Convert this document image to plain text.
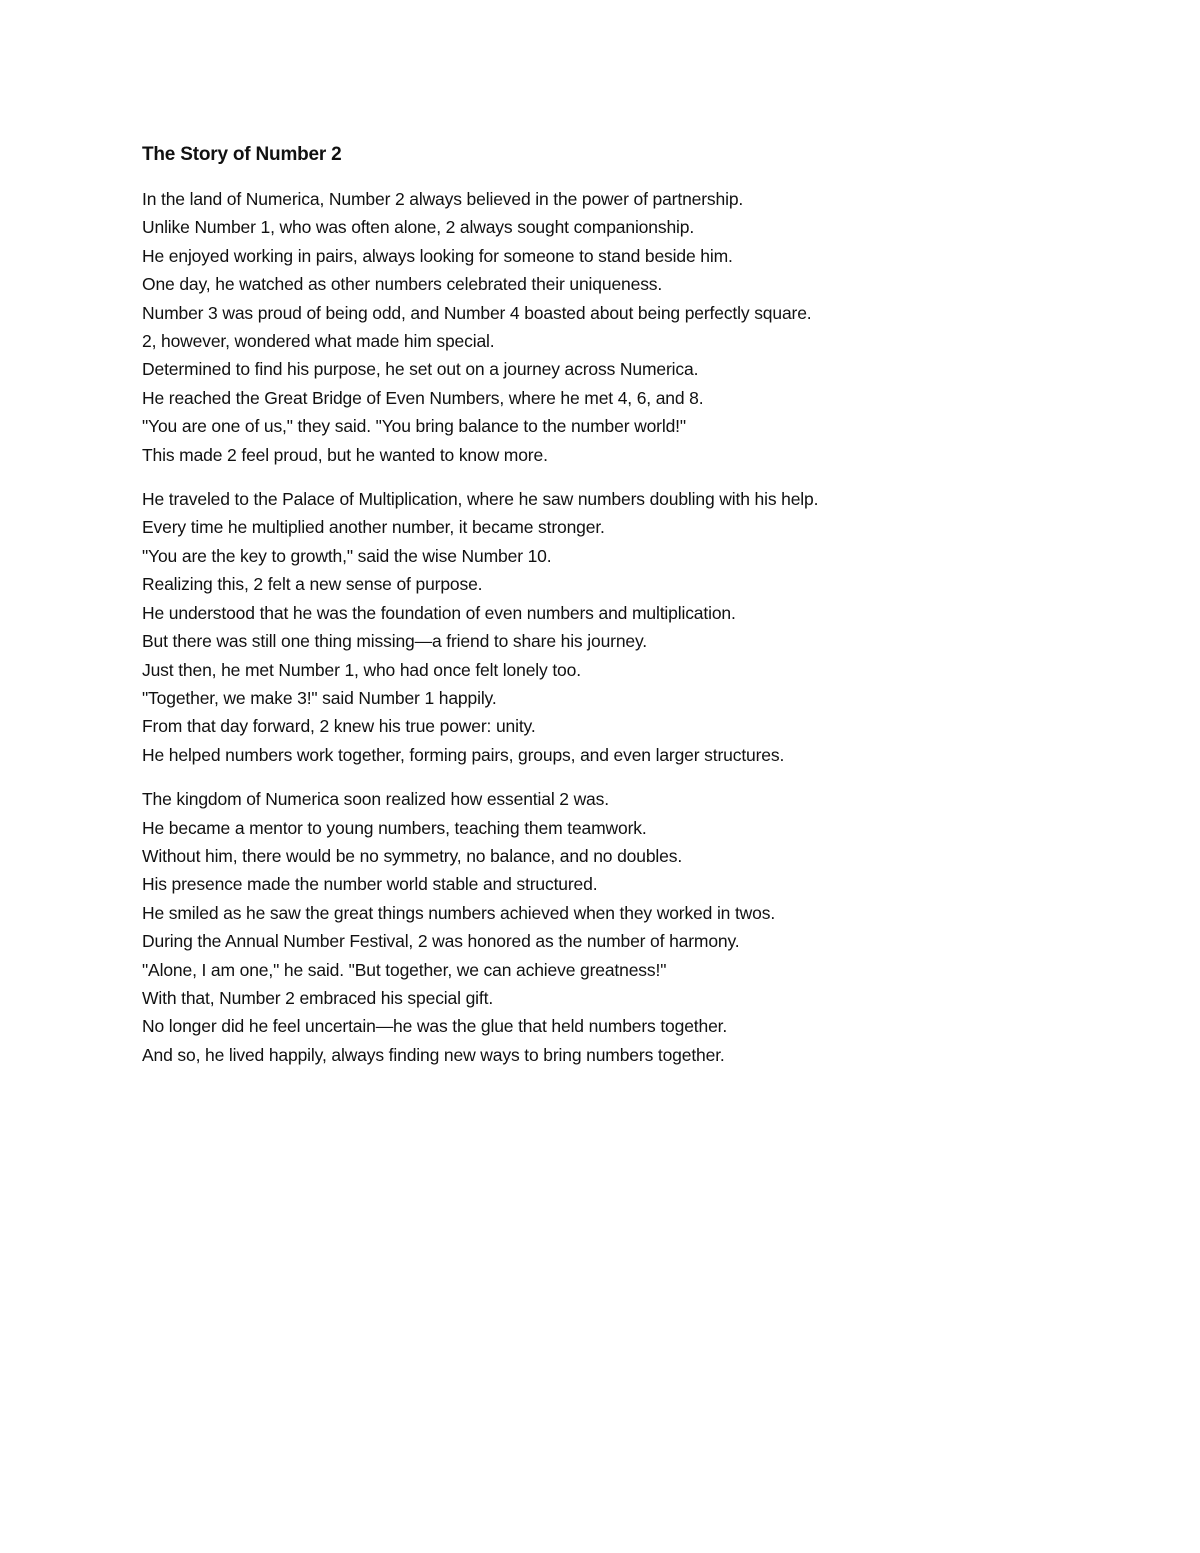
The Story of Number 2
In the land of Numerica, Number 2 always believed in the power of partnership.
Unlike Number 1, who was often alone, 2 always sought companionship.
He enjoyed working in pairs, always looking for someone to stand beside him.
One day, he watched as other numbers celebrated their uniqueness.
Number 3 was proud of being odd, and Number 4 boasted about being perfectly square.
2, however, wondered what made him special.
Determined to find his purpose, he set out on a journey across Numerica.
He reached the Great Bridge of Even Numbers, where he met 4, 6, and 8.
"You are one of us," they said. "You bring balance to the number world!"
This made 2 feel proud, but he wanted to know more.
He traveled to the Palace of Multiplication, where he saw numbers doubling with his help.
Every time he multiplied another number, it became stronger.
"You are the key to growth," said the wise Number 10.
Realizing this, 2 felt a new sense of purpose.
He understood that he was the foundation of even numbers and multiplication.
But there was still one thing missing—a friend to share his journey.
Just then, he met Number 1, who had once felt lonely too.
"Together, we make 3!" said Number 1 happily.
From that day forward, 2 knew his true power: unity.
He helped numbers work together, forming pairs, groups, and even larger structures.
The kingdom of Numerica soon realized how essential 2 was.
He became a mentor to young numbers, teaching them teamwork.
Without him, there would be no symmetry, no balance, and no doubles.
His presence made the number world stable and structured.
He smiled as he saw the great things numbers achieved when they worked in twos.
During the Annual Number Festival, 2 was honored as the number of harmony.
"Alone, I am one," he said. "But together, we can achieve greatness!"
With that, Number 2 embraced his special gift.
No longer did he feel uncertain—he was the glue that held numbers together.
And so, he lived happily, always finding new ways to bring numbers together.
